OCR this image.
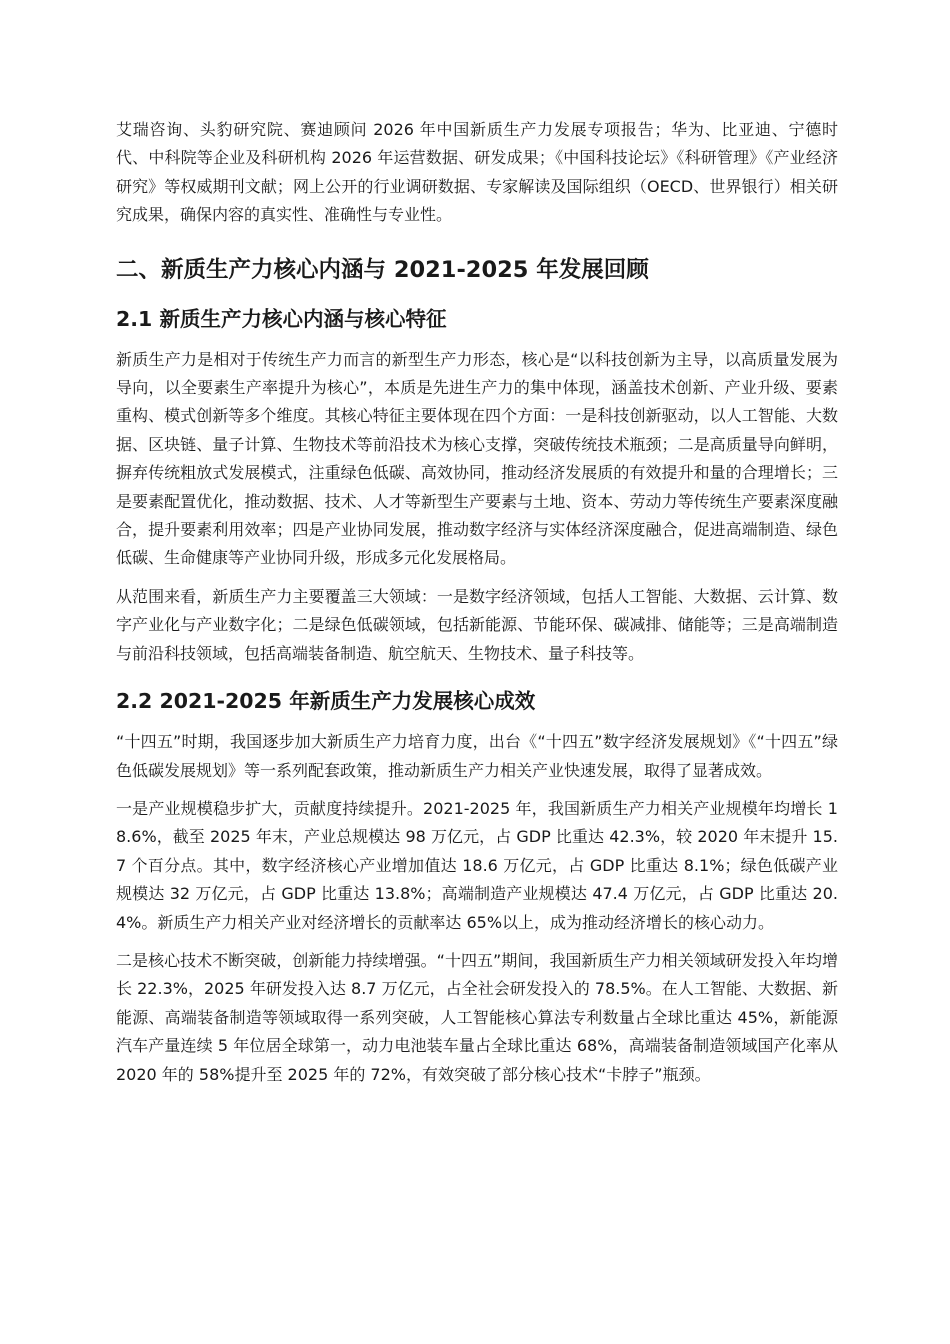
艾瑞咨询、头豹研究院、赛迪顾问 2026 年中国新质生产力发展专项报告；华为、比亚迪、宁德时代、中科院等企业及科研机构 2026 年运营数据、研发成果；《中国科技论坛》《科研管理》《产业经济研究》等权威期刊文献；网上公开的行业调研数据、专家解读及国际组织（OECD、世界银行）相关研究成果，确保内容的真实性、准确性与专业性。

二、新质生产力核心内涵与 2021-2025 年发展回顾
2.1 新质生产力核心内涵与核心特征

新质生产力是相对于传统生产力而言的新型生产力形态，核心是“以科技创新为主导，以高质量发展为导向，以全要素生产率提升为核心”，本质是先进生产力的集中体现，涵盖技术创新、产业升级、要素重构、模式创新等多个维度。其核心特征主要体现在四个方面：一是科技创新驱动，以人工智能、大数据、区块链、量子计算、生物技术等前沿技术为核心支撑，突破传统技术瓶颈；二是高质量导向鲜明，摒弃传统粗放式发展模式，注重绿色低碳、高效协同，推动经济发展质的有效提升和量的合理增长；三是要素配置优化，推动数据、技术、人才等新型生产要素与土地、资本、劳动力等传统生产要素深度融合，提升要素利用效率；四是产业协同发展，推动数字经济与实体经济深度融合，促进高端制造、绿色低碳、生命健康等产业协同升级，形成多元化发展格局。

从范围来看，新质生产力主要覆盖三大领域：一是数字经济领域，包括人工智能、大数据、云计算、数字产业化与产业数字化；二是绿色低碳领域，包括新能源、节能环保、碳减排、储能等；三是高端制造与前沿科技领域，包括高端装备制造、航空航天、生物技术、量子科技等。

2.2 2021-2025 年新质生产力发展核心成效

“十四五”时期，我国逐步加大新质生产力培育力度，出台《“十四五”数字经济发展规划》《“十四五”绿色低碳发展规划》等一系列配套政策，推动新质生产力相关产业快速发展，取得了显著成效。

一是产业规模稳步扩大，贡献度持续提升。2021-2025 年，我国新质生产力相关产业规模年均增长 18.6%，截至 2025 年末，产业总规模达 98 万亿元，占 GDP 比重达 42.3%，较 2020 年末提升 15.7 个百分点。其中，数字经济核心产业增加值达 18.6 万亿元，占 GDP 比重达 8.1%；绿色低碳产业规模达 32 万亿元，占 GDP 比重达 13.8%；高端制造产业规模达 47.4 万亿元，占 GDP 比重达 20.4%。新质生产力相关产业对经济增长的贡献率达 65%以上，成为推动经济增长的核心动力。

二是核心技术不断突破，创新能力持续增强。“十四五”期间，我国新质生产力相关领域研发投入年均增长 22.3%，2025 年研发投入达 8.7 万亿元，占全社会研发投入的 78.5%。在人工智能、大数据、新能源、高端装备制造等领域取得一系列突破，人工智能核心算法专利数量占全球比重达 45%，新能源汽车产量连续 5 年位居全球第一，动力电池装车量占全球比重达 68%，高端装备制造领域国产化率从 2020 年的 58%提升至 2025 年的 72%，有效突破了部分核心技术“卡脖子”瓶颈。
